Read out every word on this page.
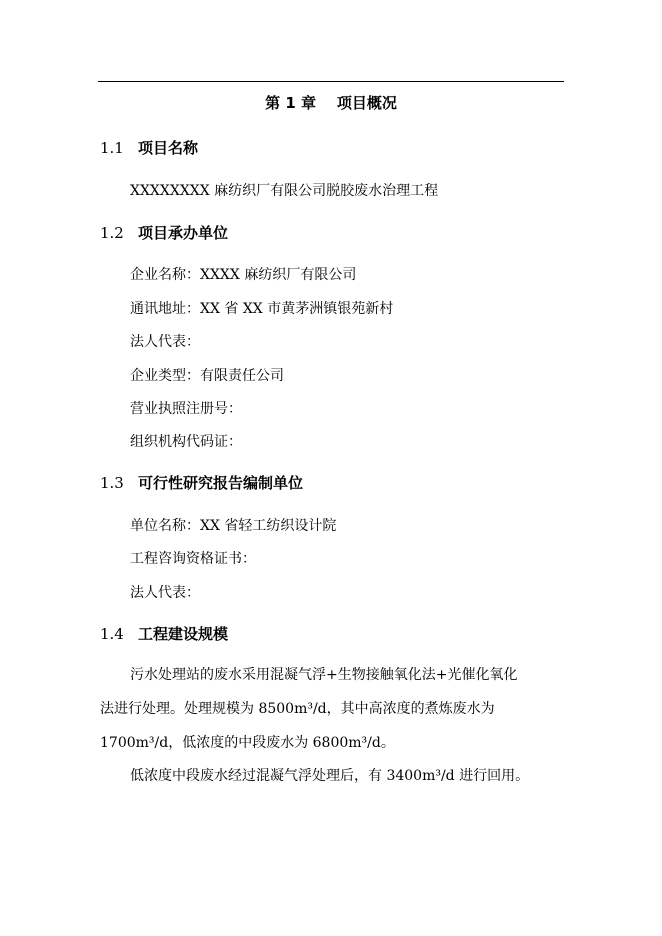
第 1 章    项目概况
1.1 项目名称
XXXXXXXX 麻纺织厂有限公司脱胶废水治理工程
1.2 项目承办单位
企业名称：XXXX 麻纺织厂有限公司
通讯地址：XX 省 XX 市黄茅洲镇银苑新村
法人代表：
企业类型：有限责任公司
营业执照注册号：
组织机构代码证：
1.3 可行性研究报告编制单位
单位名称：XX 省轻工纺织设计院
工程咨询资格证书：
法人代表：
1.4 工程建设规模
污水处理站的废水采用混凝气浮+生物接触氧化法+光催化氧化
法进行处理。处理规模为 8500m³/d，其中高浓度的煮炼废水为
1700m³/d，低浓度的中段废水为 6800m³/d。
低浓度中段废水经过混凝气浮处理后，有 3400m³/d 进行回用。
